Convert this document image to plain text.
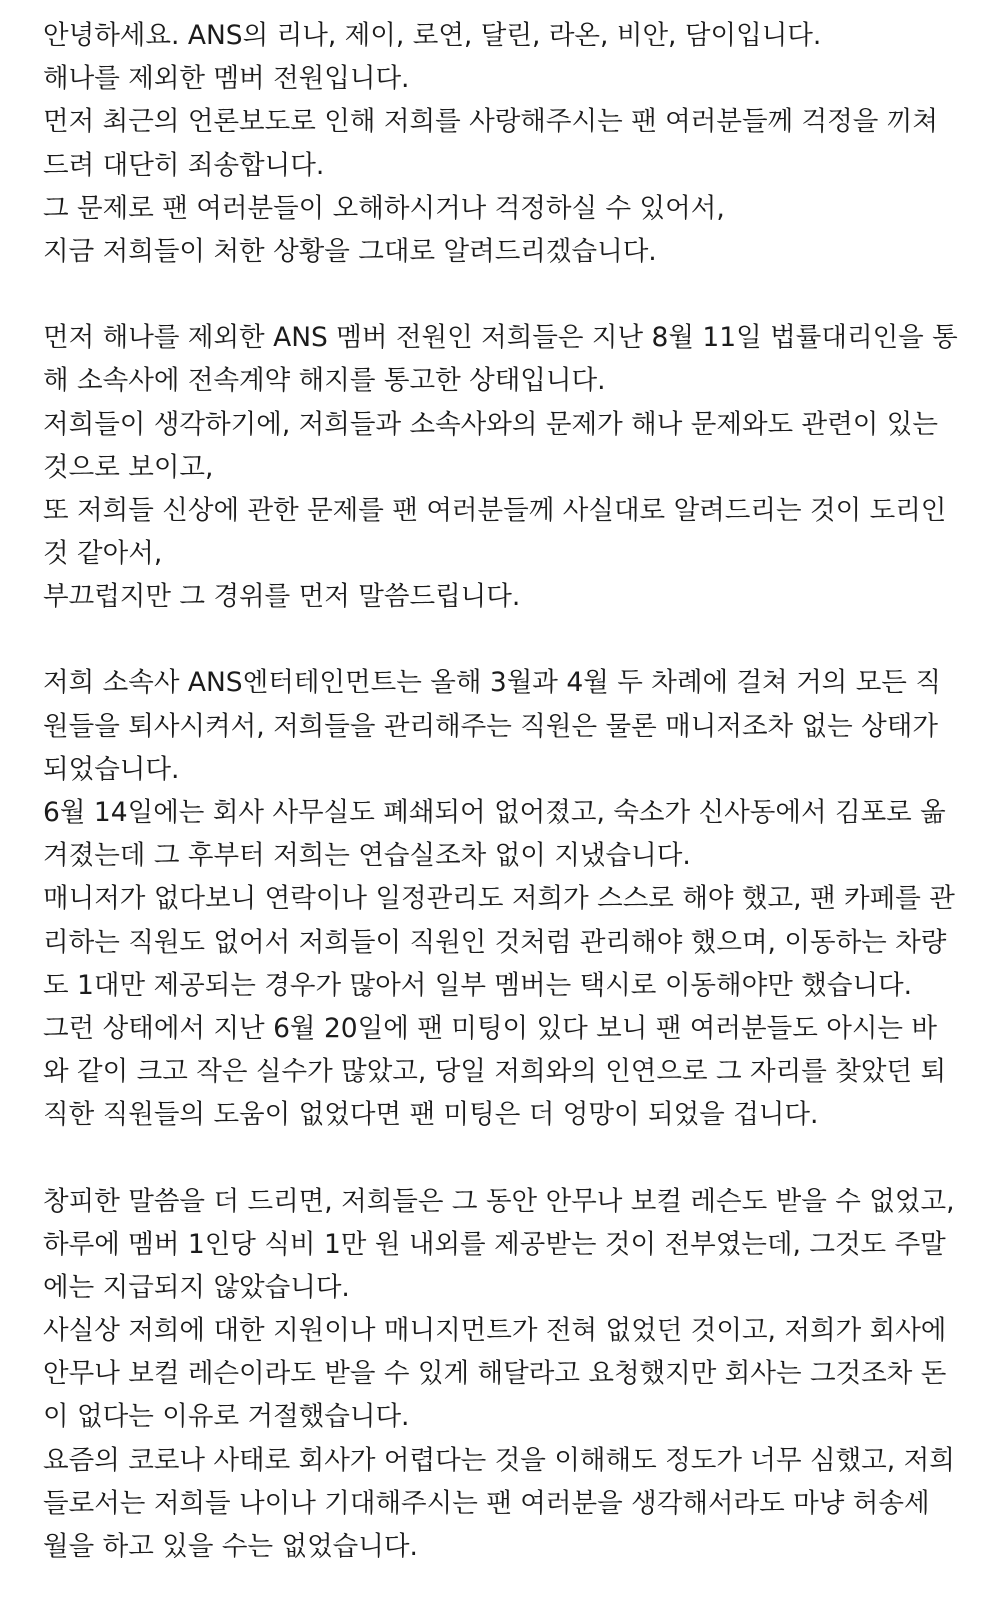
안녕하세요. ANS의 리나, 제이, 로연, 달린, 라온, 비안, 담이입니다.
해나를 제외한 멤버 전원입니다.
먼저 최근의 언론보도로 인해 저희를 사랑해주시는 팬 여러분들께 걱정을 끼쳐
드려 대단히 죄송합니다.
그 문제로 팬 여러분들이 오해하시거나 걱정하실 수 있어서,
지금 저희들이 처한 상황을 그대로 알려드리겠습니다.
먼저 해나를 제외한 ANS 멤버 전원인 저희들은 지난 8월 11일 법률대리인을 통
해 소속사에 전속계약 해지를 통고한 상태입니다.
저희들이 생각하기에, 저희들과 소속사와의 문제가 해나 문제와도 관련이 있는
것으로 보이고,
또 저희들 신상에 관한 문제를 팬 여러분들께 사실대로 알려드리는 것이 도리인
것 같아서,
부끄럽지만 그 경위를 먼저 말씀드립니다.
저희 소속사 ANS엔터테인먼트는 올해 3월과 4월 두 차례에 걸쳐 거의 모든 직
원들을 퇴사시켜서, 저희들을 관리해주는 직원은 물론 매니저조차 없는 상태가
되었습니다.
6월 14일에는 회사 사무실도 폐쇄되어 없어졌고, 숙소가 신사동에서 김포로 옮
겨졌는데 그 후부터 저희는 연습실조차 없이 지냈습니다.
매니저가 없다보니 연락이나 일정관리도 저희가 스스로 해야 했고, 팬 카페를 관
리하는 직원도 없어서 저희들이 직원인 것처럼 관리해야 했으며, 이동하는 차량
도 1대만 제공되는 경우가 많아서 일부 멤버는 택시로 이동해야만 했습니다.
그런 상태에서 지난 6월 20일에 팬 미팅이 있다 보니 팬 여러분들도 아시는 바
와 같이 크고 작은 실수가 많았고, 당일 저희와의 인연으로 그 자리를 찾았던 퇴
직한 직원들의 도움이 없었다면 팬 미팅은 더 엉망이 되었을 겁니다.
창피한 말씀을 더 드리면, 저희들은 그 동안 안무나 보컬 레슨도 받을 수 없었고,
하루에 멤버 1인당 식비 1만 원 내외를 제공받는 것이 전부였는데, 그것도 주말
에는 지급되지 않았습니다.
사실상 저희에 대한 지원이나 매니지먼트가 전혀 없었던 것이고, 저희가 회사에
안무나 보컬 레슨이라도 받을 수 있게 해달라고 요청했지만 회사는 그것조차 돈
이 없다는 이유로 거절했습니다.
요즘의 코로나 사태로 회사가 어렵다는 것을 이해해도 정도가 너무 심했고, 저희
들로서는 저희들 나이나 기대해주시는 팬 여러분을 생각해서라도 마냥 허송세
월을 하고 있을 수는 없었습니다.
